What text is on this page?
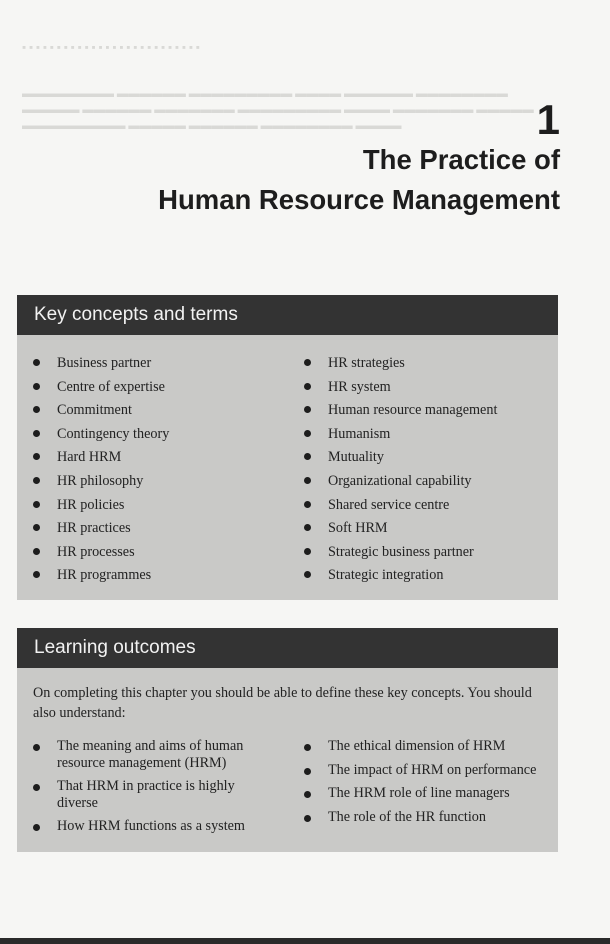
▪ ▪ ▪ ▪ ▪ ▪ ▪ ▪ ▪ ▪ ▪ ▪ ▪ ▪ ▪ ▪ ▪ ▪ ▪ ▪ ▪ ▪ ▪ ▪ ▪ ▪
▬▬▬▬▬▬▬▬ ▬▬▬▬▬▬ ▬▬▬▬▬▬▬▬▬ ▬▬▬▬ ▬▬▬▬▬▬ ▬▬▬▬▬▬▬▬ ▬▬▬▬▬ ▬▬▬▬▬▬ ▬▬▬▬▬▬▬ ▬▬▬▬▬▬▬▬▬ ▬▬▬▬ ▬▬▬▬▬▬▬ ▬▬▬▬▬ ▬▬▬▬▬▬▬▬▬ ▬▬▬▬▬ ▬▬▬▬▬▬ ▬▬▬▬▬▬▬▬ ▬▬▬▬	1
The Practice of
Human Resource Management
Key concepts and terms
Business partner
Centre of expertise
Commitment
Contingency theory
Hard HRM
HR philosophy
HR policies
HR practices
HR processes
HR programmes
HR strategies
HR system
Human resource management
Humanism
Mutuality
Organizational capability
Shared service centre
Soft HRM
Strategic business partner
Strategic integration
Learning outcomes
On completing this chapter you should be able to define these key concepts. You should also understand:
The meaning and aims of human resource management (HRM)
That HRM in practice is highly diverse
How HRM functions as a system
The ethical dimension of HRM
The impact of HRM on performance
The HRM role of line managers
The role of the HR function
